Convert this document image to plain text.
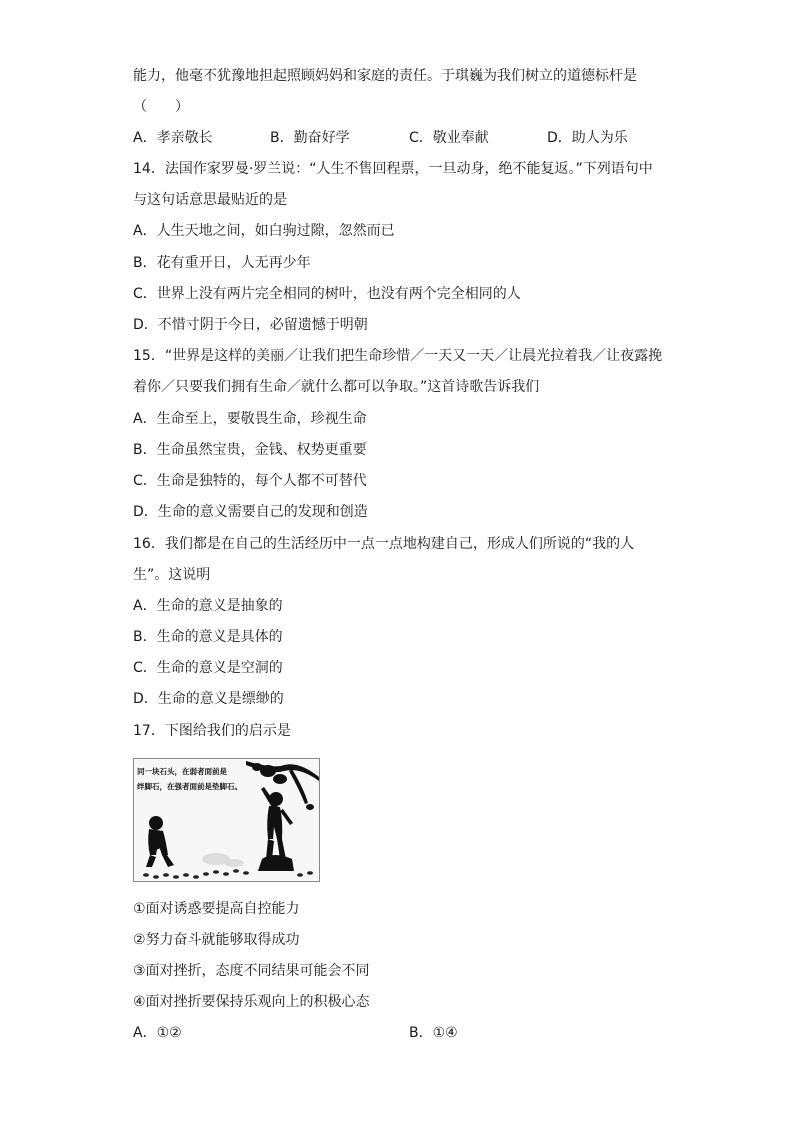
能力，他毫不犹豫地担起照顾妈妈和家庭的责任。于琪巍为我们树立的道德标杆是
（　　）
A．孝亲敬长	B．勤奋好学	C．敬业奉献	D．助人为乐
14．法国作家罗曼·罗兰说：“人生不售回程票，一旦动身，绝不能复返。”下列语句中
与这句话意思最贴近的是
A．人生天地之间，如白驹过隙，忽然而已
B．花有重开日，人无再少年
C．世界上没有两片完全相同的树叶，也没有两个完全相同的人
D．不惜寸阴于今日，必留遗憾于明朝
15．“世界是这样的美丽／让我们把生命珍惜／一天又一天／让晨光拉着我／让夜露挽
着你／只要我们拥有生命／就什么都可以争取。”这首诗歌告诉我们
A．生命至上，要敬畏生命，珍视生命
B．生命虽然宝贵，金钱、权势更重要
C．生命是独特的，每个人都不可替代
D．生命的意义需要自己的发现和创造
16．我们都是在自己的生活经历中一点一点地构建自己，形成人们所说的“我的人
生”。这说明
A．生命的意义是抽象的
B．生命的意义是具体的
C．生命的意义是空洞的
D．生命的意义是缥缈的
17．下图给我们的启示是
同一块石头，在弱者面前是
绊脚石，在强者面前是垫脚石。
①面对诱惑要提高自控能力
②努力奋斗就能够取得成功
③面对挫折，态度不同结果可能会不同
④面对挫折要保持乐观向上的积极心态
A．①②	B．①④
